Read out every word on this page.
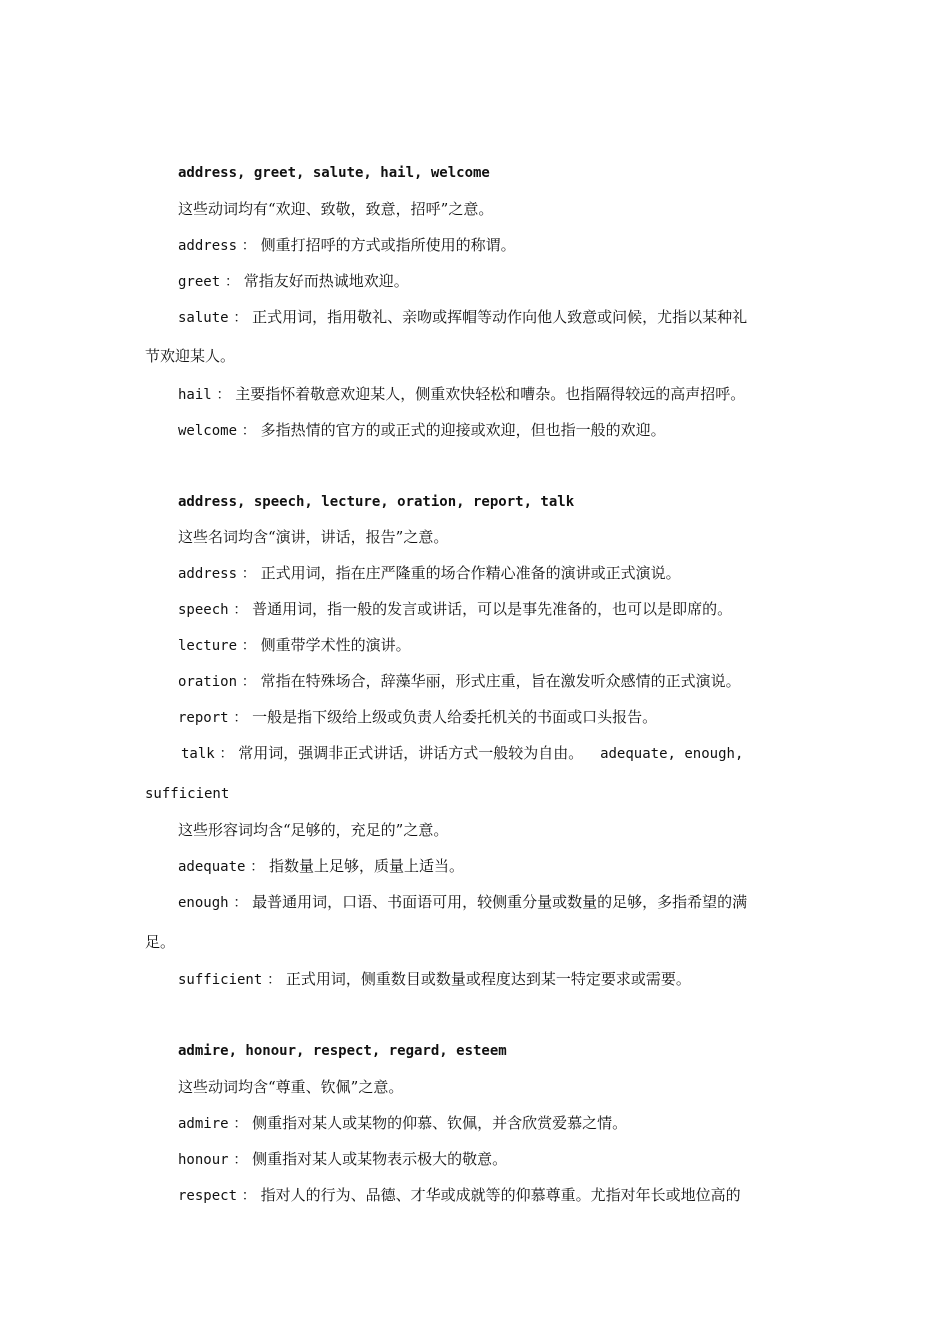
address, greet, salute, hail, welcome
这些动词均有“欢迎、致敬，致意，招呼”之意。
address ： 侧重打招呼的方式或指所使用的称谓。
greet ： 常指友好而热诚地欢迎。
salute ： 正式用词，指用敬礼、亲吻或挥帽等动作向他人致意或问候，尤指以某种礼
节欢迎某人。
hail ： 主要指怀着敬意欢迎某人，侧重欢快轻松和嘈杂。也指隔得较远的高声招呼。
welcome ： 多指热情的官方的或正式的迎接或欢迎，但也指一般的欢迎。
address, speech, lecture, oration, report, talk
这些名词均含“演讲，讲话，报告”之意。
address ： 正式用词，指在庄严隆重的场合作精心准备的演讲或正式演说。
speech ： 普通用词，指一般的发言或讲话，可以是事先准备的，也可以是即席的。
lecture ： 侧重带学术性的演讲。
oration ： 常指在特殊场合，辞藻华丽，形式庄重，旨在激发听众感情的正式演说。
report ： 一般是指下级给上级或负责人给委托机关的书面或口头报告。
talk ： 常用词，强调非正式讲话，讲话方式一般较为自由。 adequate, enough,
sufficient
这些形容词均含“足够的，充足的”之意。
adequate ： 指数量上足够，质量上适当。
enough ： 最普通用词，口语、书面语可用，较侧重分量或数量的足够，多指希望的满
足。
sufficient ： 正式用词，侧重数目或数量或程度达到某一特定要求或需要。
admire, honour, respect, regard, esteem
这些动词均含“尊重、钦佩”之意。
admire ： 侧重指对某人或某物的仰慕、钦佩，并含欣赏爱慕之情。
honour ： 侧重指对某人或某物表示极大的敬意。
respect ： 指对人的行为、品德、才华或成就等的仰慕尊重。尤指对年长或地位高的
